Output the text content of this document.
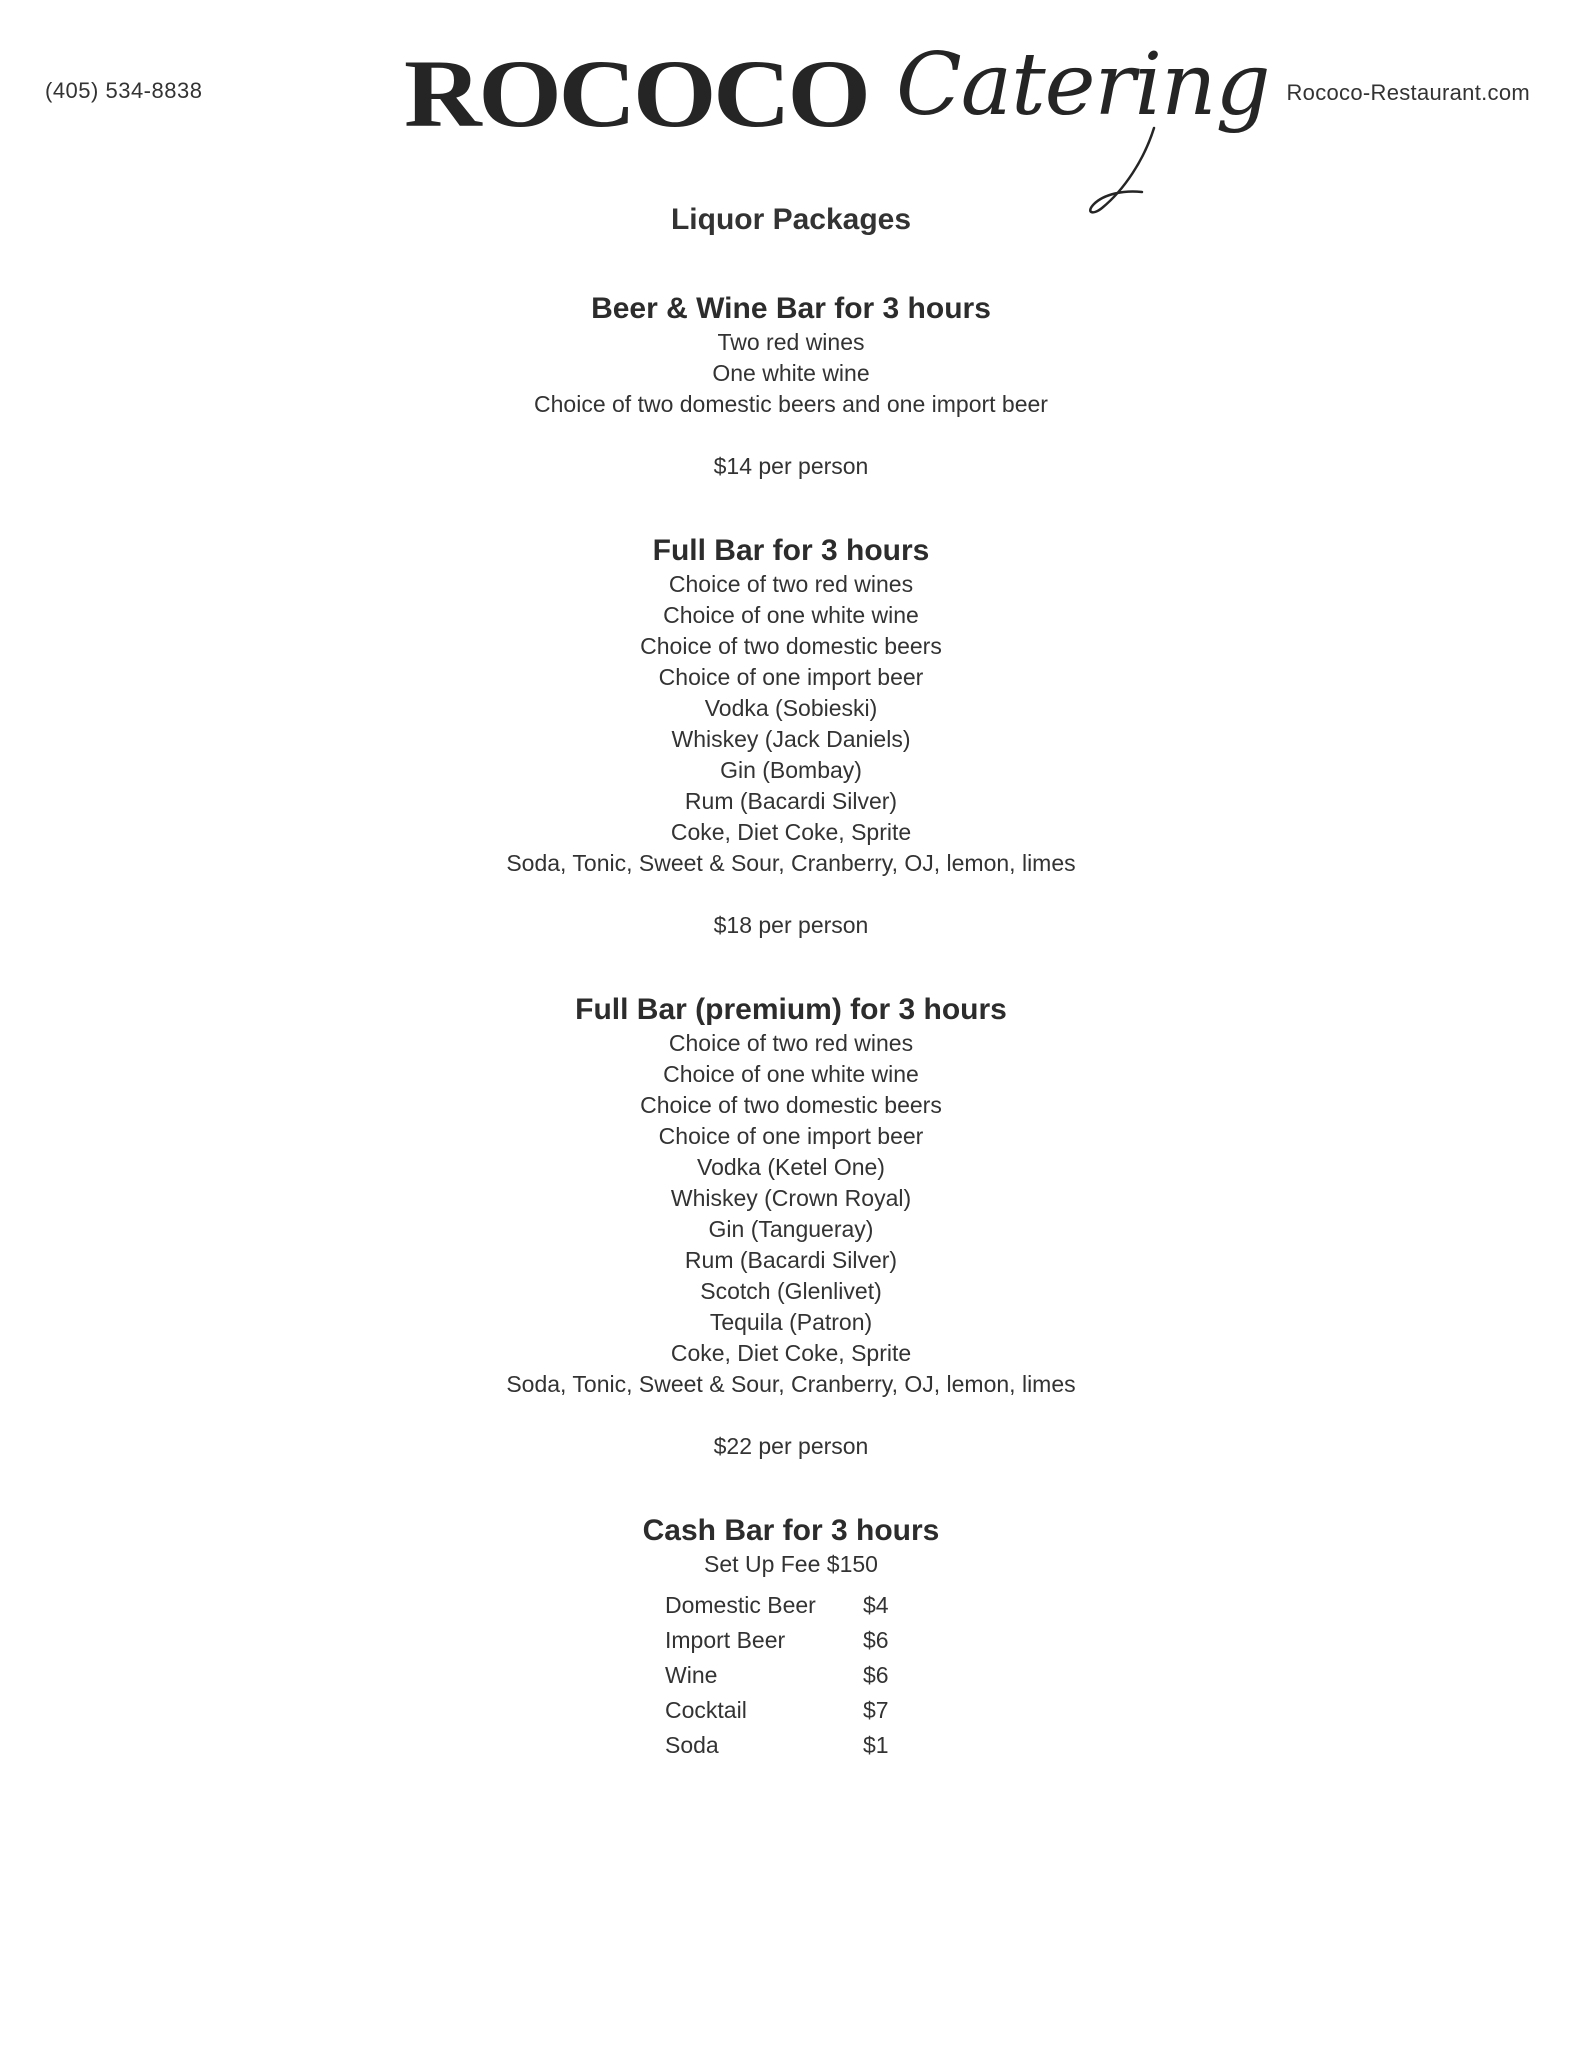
(405) 534-8838 ROCOCO Catering Rococo-Restaurant.com
Liquor Packages
Beer & Wine Bar for 3 hours
Two red wines
One white wine
Choice of two domestic beers and one import beer
$14 per person
Full Bar for 3 hours
Choice of two red wines
Choice of one white wine
Choice of two domestic beers
Choice of one import beer
Vodka (Sobieski)
Whiskey (Jack Daniels)
Gin (Bombay)
Rum (Bacardi Silver)
Coke, Diet Coke, Sprite
Soda, Tonic, Sweet & Sour, Cranberry, OJ, lemon, limes
$18 per person
Full Bar (premium) for 3 hours
Choice of two red wines
Choice of one white wine
Choice of two domestic beers
Choice of one import beer
Vodka (Ketel One)
Whiskey (Crown Royal)
Gin (Tangueray)
Rum (Bacardi Silver)
Scotch (Glenlivet)
Tequila (Patron)
Coke, Diet Coke, Sprite
Soda, Tonic, Sweet & Sour, Cranberry, OJ, lemon, limes
$22 per person
Cash Bar for 3 hours
Set Up Fee $150
Domestic Beer	$4
Import Beer	$6
Wine	$6
Cocktail	$7
Soda	$1
